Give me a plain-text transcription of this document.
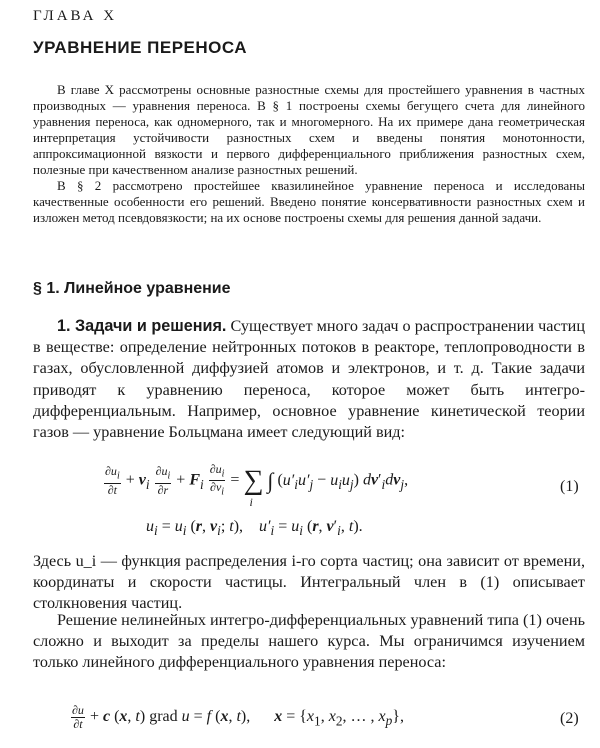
ГЛАВА X
УРАВНЕНИЕ ПЕРЕНОСА

В главе X рассмотрены основные разностные схемы для простейшего уравнения в частных производных — уравнения переноса. В § 1 построены схемы бегущего счета для линейного уравнения переноса, как одномерного, так и многомерного. На их примере дана геометрическая интерпретация устойчивости разностных схем и введены понятия монотонности, аппроксимационной вязкости и первого дифференциального приближения разностных схем, полезные при качественном анализе разностных решений.

В § 2 рассмотрено простейшее квазилинейное уравнение переноса и исследованы качественные особенности его решений. Введено понятие консервативности разностных схем и изложен метод псевдовязкости; на их основе построены схемы для решения данной задачи.

§ 1. Линейное уравнение

1. Задачи и решения. Существует много задач о распространении частиц в веществе: определение нейтронных потоков в реакторе, теплопроводности в газах, обусловленной диффузией атомов и электронов, и т. д. Такие задачи приводят к уравнению переноса, которое может быть интегро-дифференциальным. Например, основное уравнение кинетической теории газов — уравнение Больцмана имеет следующий вид:

$\frac{\partial u_i}{\partial t} + v_i \frac{\partial u_i}{\partial r} + F_i \frac{\partial u_i}{\partial v_i}$ = ∑
i
∫ $(u'_iu'_j - u_iu_j)$ $dv'_idv_j$,	(1)
$u_i = u_i$ (r, $v_i$; t),    $u'_i = u_i$ (r, $v'_i$, t).

Здесь u_i — функция распределения i-го сорта частиц; она зависит от времени, координаты и скорости частицы. Интегральный член в (1) описывает столкновения частиц.

Решение нелинейных интегро-дифференциальных уравнений типа (1) очень сложно и выходит за пределы нашего курса. Мы ограничимся изучением только линейного дифференциального уравнения переноса:

$\frac{\partial u}{\partial t} + c$ (x, t) grad u = f (x, t),      $x = \{x_1$, $x_2$, … , $x_p$},	(2)
